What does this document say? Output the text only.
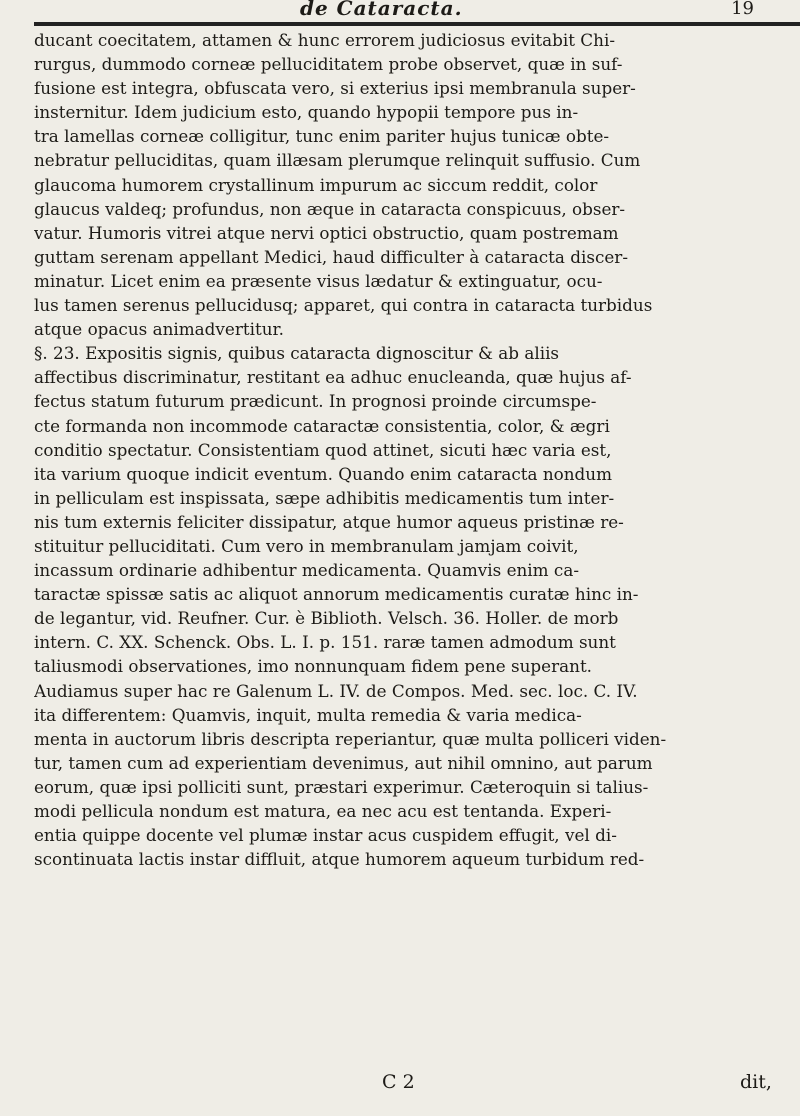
de Cataracta.	19
ducant coecitatem, attamen & hunc errorem judiciosus evitabit Chi-
rurgus, dummodo corneæ pelluciditatem probe observet, quæ in suf-
fusione est integra, obfuscata vero, si exterius ipsi membranula super-
insternitur. Idem judicium esto, quando hypopii tempore pus in-
tra lamellas corneæ colligitur, tunc enim pariter hujus tunicæ obte-
nebratur pelluciditas, quam illæsam plerumque relinquit suffusio. Cum
glaucoma humorem crystallinum impurum ac siccum reddit, color
glaucus valdeq; profundus, non æque in cataracta conspicuus, obser-
vatur. Humoris vitrei atque nervi optici obstructio, quam postremam
guttam serenam appellant Medici, haud difficulter à cataracta discer-
minatur. Licet enim ea præsente visus lædatur & extinguatur, ocu-
lus tamen serenus pellucidusq; apparet, qui contra in cataracta turbidus
atque opacus animadvertitur.
§. 23. Expositis signis, quibus cataracta dignoscitur & ab aliis
affectibus discriminatur, restitant ea adhuc enucleanda, quæ hujus af-
fectus statum futurum prædicunt. In prognosi proinde circumspe-
cte formanda non incommode cataractæ consistentia, color, & ægri
conditio spectatur. Consistentiam quod attinet, sicuti hæc varia est,
ita varium quoque indicit eventum. Quando enim cataracta nondum
in pelliculam est inspissata, sæpe adhibitis medicamentis tum inter-
nis tum externis feliciter dissipatur, atque humor aqueus pristinæ re-
stituitur pelluciditati. Cum vero in membranulam jamjam coivit,
incassum ordinarie adhibentur medicamenta. Quamvis enim ca-
taractæ spissæ satis ac aliquot annorum medicamentis curatæ hinc in-
de legantur, vid. Reufner. Cur. è Biblioth. Velsch. 36. Holler. de morb
intern. C. XX. Schenck. Obs. L. I. p. 151. raræ tamen admodum sunt
taliusmodi observationes, imo nonnunquam fidem pene superant.
Audiamus super hac re Galenum L. IV. de Compos. Med. sec. loc. C. IV.
ita differentem: Quamvis, inquit, multa remedia & varia medica-
menta in auctorum libris descripta reperiantur, quæ multa polliceri viden-
tur, tamen cum ad experientiam devenimus, aut nihil omnino, aut parum
eorum, quæ ipsi polliciti sunt, præstari experimur. Cæteroquin si talius-
modi pellicula nondum est matura, ea nec acu est tentanda. Experi-
entia quippe docente vel plumæ instar acus cuspidem effugit, vel di-
scontinuata lactis instar diffluit, atque humorem aqueum turbidum red-
C 2	dit,
